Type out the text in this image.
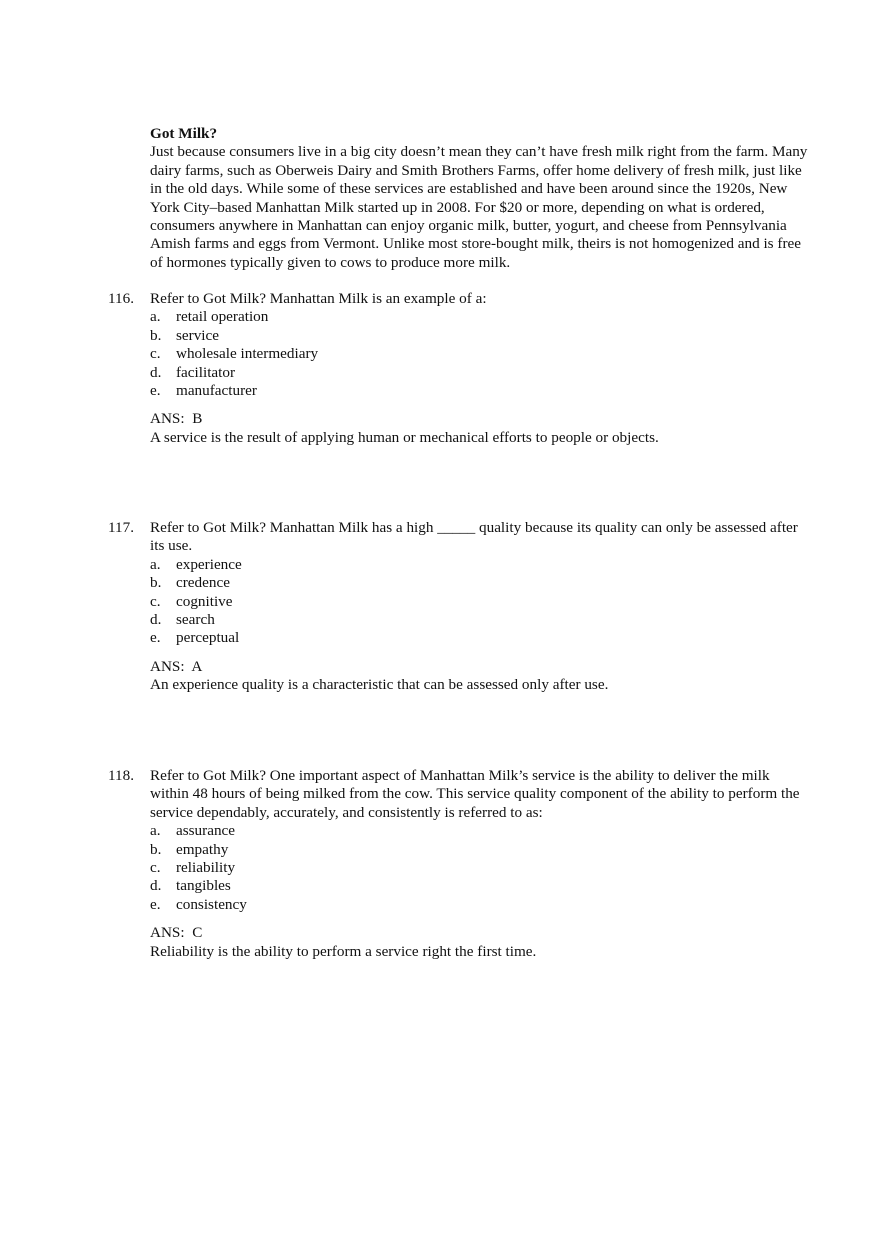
Got Milk?

Just because consumers live in a big city doesn’t mean they can’t have fresh milk right from the farm. Many dairy farms, such as Oberweis Dairy and Smith Brothers Farms, offer home delivery of fresh milk, just like in the old days. While some of these services are established and have been around since the 1920s, New York City–based Manhattan Milk started up in 2008. For $20 or more, depending on what is ordered, consumers anywhere in Manhattan can enjoy organic milk, butter, yogurt, and cheese from Pennsylvania Amish farms and eggs from Vermont. Unlike most store-bought milk, theirs is not homogenized and is free of hormones typically given to cows to produce more milk.

116.	Refer to Got Milk? Manhattan Milk is an example of a:

a.	retail operation
b. service
c.	wholesale intermediary
d. facilitator
e.	manufacturer
ANS:  B
A service is the result of applying human or mechanical efforts to people or objects.
117.	Refer to Got Milk? Manhattan Milk has a high _____ quality because its quality can only be assessed after its use.

a.	experience
b. credence
c.	cognitive
d. search
e.	perceptual
ANS:  A
An experience quality is a characteristic that can be assessed only after use.
118.	Refer to Got Milk? One important aspect of Manhattan Milk’s service is the ability to deliver the milk within 48 hours of being milked from the cow. This service quality component of the ability to perform the service dependably, accurately, and consistently is referred to as:

a.	assurance
b. empathy
c.	reliability
d. tangibles
e.	consistency
ANS:  C
Reliability is the ability to perform a service right the first time.
